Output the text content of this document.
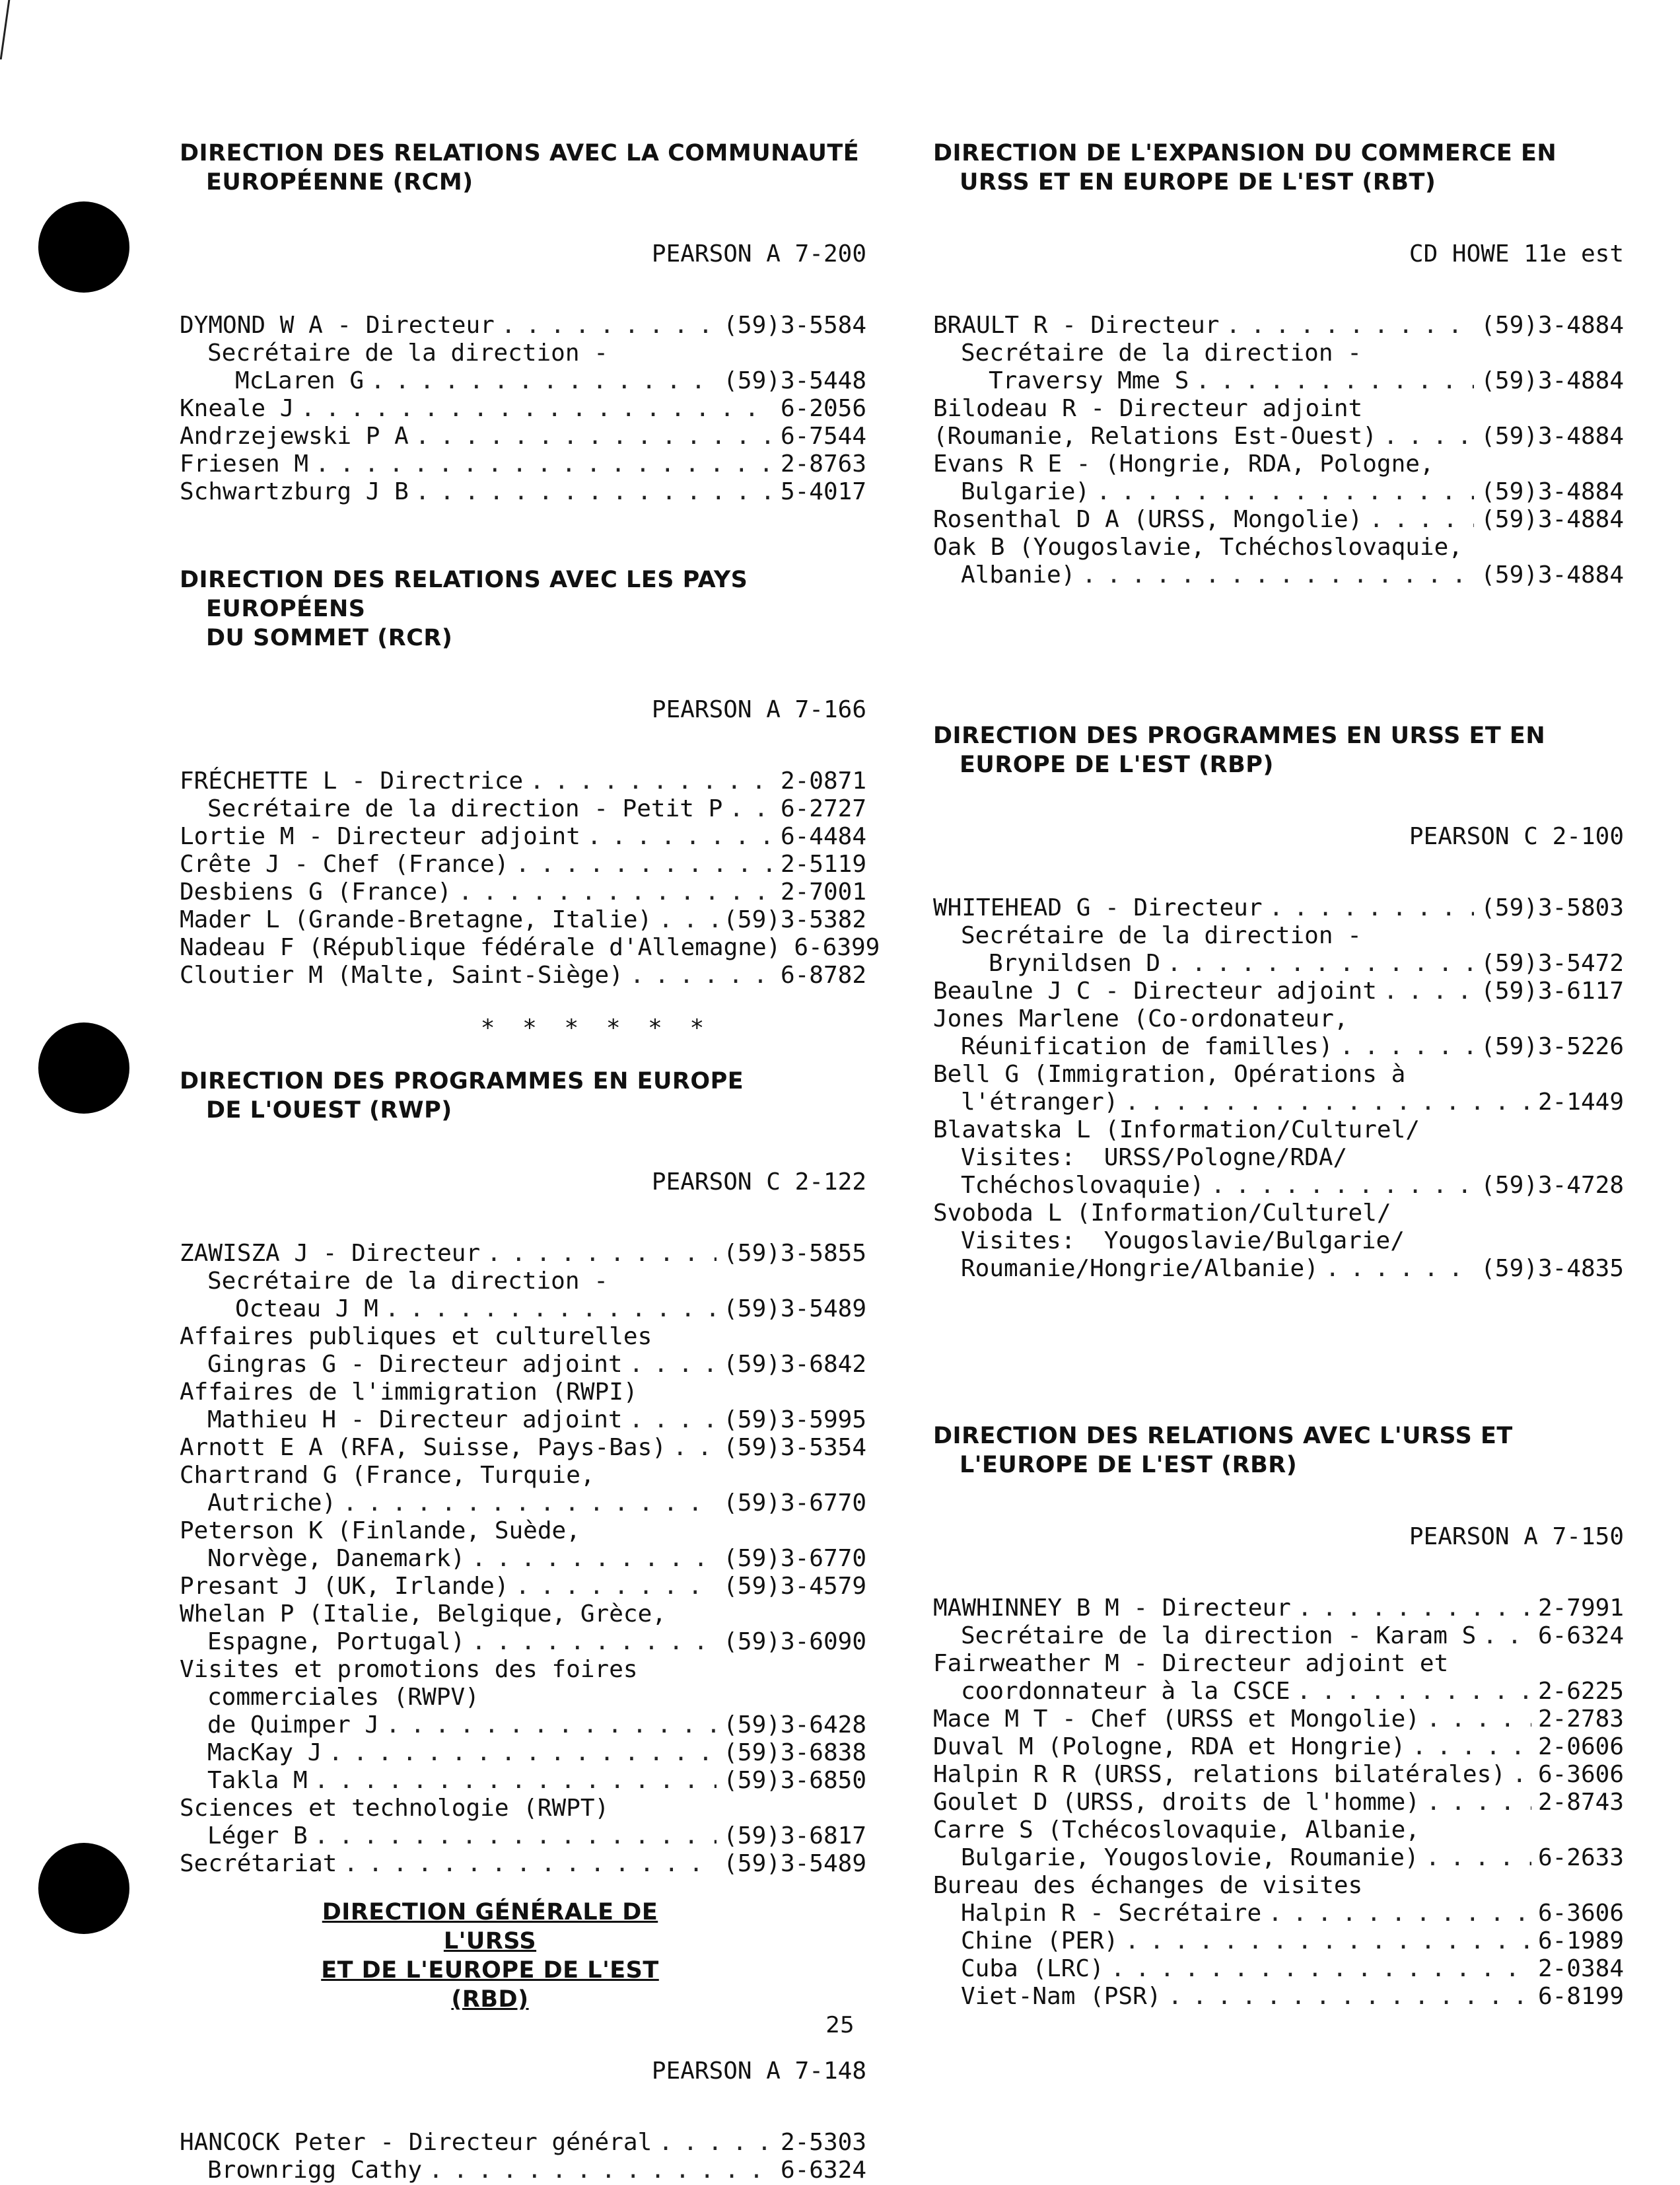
DIRECTION DES RELATIONS AVEC LA COMMUNAUTÉ
EUROPÉENNE (RCM)
PEARSON A 7-200
DYMOND W A - Directeur . . .	(59)3-5584
Secrétaire de la direction -
McLaren G . . .	(59)3-5448
Kneale J . . .	6-2056
Andrzejewski P A . . .	6-7544
Friesen M . . .	2-8763
Schwartzburg J B . . .	5-4017
DIRECTION DES RELATIONS AVEC LES PAYS EUROPÉENS
DU SOMMET (RCR)
PEARSON A 7-166
FRÉCHETTE L - Directrice . . .	2-0871
Secrétaire de la direction - Petit P . . . 6-2727
Lortie M - Directeur adjoint . . .	6-4484
Crête J - Chef (France) . . .	2-5119
Desbiens G (France) . . .	2-7001
Mader L (Grande-Bretagne, Italie) . . .	(59)3-5382
Nadeau F (République fédérale d'Allemagne) 6-6399
Cloutier M (Malte, Saint-Siège) . . .	6-8782
* * * * * *
DIRECTION DES PROGRAMMES EN EUROPE
DE L'OUEST (RWP)
PEARSON C 2-122
ZAWISZA J - Directeur . . .	(59)3-5855
Secrétaire de la direction -
Octeau J M . . .	(59)3-5489
Affaires publiques et culturelles
Gingras G - Directeur adjoint . . .	(59)3-6842
Affaires de l'immigration (RWPI)
Mathieu H - Directeur adjoint . . .	(59)3-5995
Arnott E A (RFA, Suisse, Pays-Bas) . . . (59)3-5354
Chartrand G (France, Turquie,
Autriche) . . .	(59)3-6770
Peterson K (Finlande, Suède,
Norvège, Danemark) . . .	(59)3-6770
Presant J (UK, Irlande) . . .	(59)3-4579
Whelan P (Italie, Belgique, Grèce,
Espagne, Portugal) . . .	(59)3-6090
Visites et promotions des foires
commerciales (RWPV)
de Quimper J . . .	(59)3-6428
MacKay J . . .	(59)3-6838
Takla M . . .	(59)3-6850
Sciences et technologie (RWPT)
Léger B . . .	(59)3-6817
Secrétariat . . .	(59)3-5489
DIRECTION GÉNÉRALE DE L'URSS
ET DE L'EUROPE DE L'EST (RBD)
PEARSON A 7-148
HANCOCK Peter - Directeur général . . .	2-5303
Brownrigg Cathy . . .	6-6324
DIRECTION DE L'EXPANSION DU COMMERCE EN
URSS ET EN EUROPE DE L'EST (RBT)
CD HOWE 11e est
BRAULT R - Directeur . . .	(59)3-4884
Secrétaire de la direction -
Traversy Mme S . . .	(59)3-4884
Bilodeau R - Directeur adjoint
(Roumanie, Relations Est-Ouest) . . .	(59)3-4884
Evans R E - (Hongrie, RDA, Pologne,
Bulgarie) . . .	(59)3-4884
Rosenthal D A (URSS, Mongolie) . . .	(59)3-4884
Oak B (Yougoslavie, Tchéchoslovaquie,
Albanie) . . .	(59)3-4884
DIRECTION DES PROGRAMMES EN URSS ET EN
EUROPE DE L'EST (RBP)
PEARSON C 2-100
WHITEHEAD G - Directeur . . .	(59)3-5803
Secrétaire de la direction -
Brynildsen D . . .	(59)3-5472
Beaulne J C - Directeur adjoint . . .	(59)3-6117
Jones Marlene (Co-ordonateur,
Réunification de familles) . . .	(59)3-5226
Bell G (Immigration, Opérations à
l'étranger) . . .	2-1449
Blavatska L (Information/Culturel/
Visites:  URSS/Pologne/RDA/
Tchéchoslovaquie) . . .	(59)3-4728
Svoboda L (Information/Culturel/
Visites:  Yougoslavie/Bulgarie/
Roumanie/Hongrie/Albanie) . . .	(59)3-4835
DIRECTION DES RELATIONS AVEC L'URSS ET
L'EUROPE DE L'EST (RBR)
PEARSON A 7-150
MAWHINNEY B M - Directeur . . .	2-7991
Secrétaire de la direction - Karam S . . .	6-6324
Fairweather M - Directeur adjoint et
coordonnateur à la CSCE . . .	2-6225
Mace M T - Chef (URSS et Mongolie) . . .	2-2783
Duval M (Pologne, RDA et Hongrie) . . .	2-0606
Halpin R R (URSS, relations bilatérales) . . . 6-3606
Goulet D (URSS, droits de l'homme) . . .	2-8743
Carre S (Tchécoslovaquie, Albanie,
Bulgarie, Yougoslovie, Roumanie) . . .	6-2633
Bureau des échanges de visites
Halpin R - Secrétaire . . .	6-3606
Chine (PER) . . .	6-1989
Cuba (LRC) . . .	2-0384
Viet-Nam (PSR) . . .	6-8199
25
